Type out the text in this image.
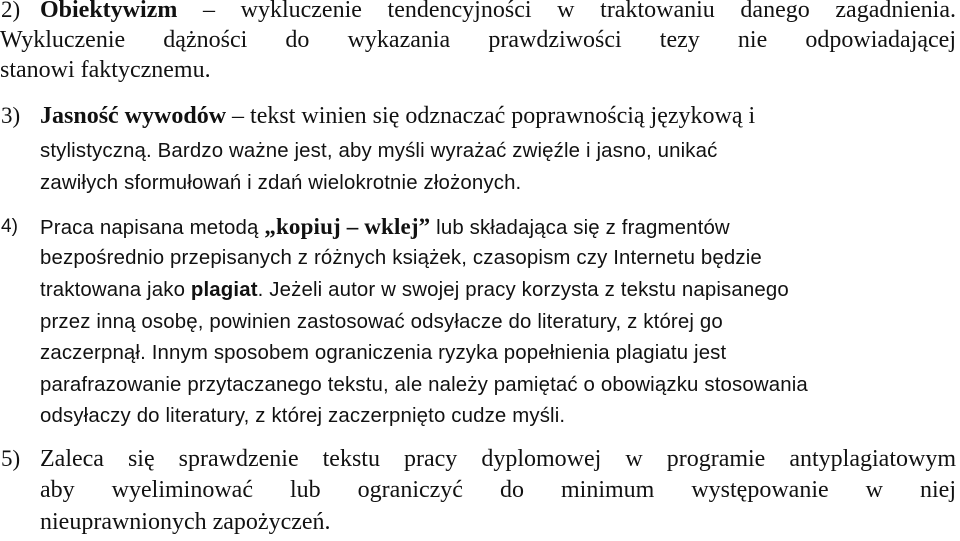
2) Obiektywizm – wykluczenie tendencyjności w traktowaniu danego zagadnienia.
Wykluczenie dążności do wykazania prawdziwości tezy nie odpowiadającej
stanowi faktycznemu.
3) Jasność wywodów – tekst winien się odznaczać poprawnością językową i
stylistyczną. Bardzo ważne jest, aby myśli wyrażać zwięźle i jasno, unikać
zawiłych sformułowań i zdań wielokrotnie złożonych.
4) Praca napisana metodą „kopiuj – wklej” lub składająca się z fragmentów
bezpośrednio przepisanych z różnych książek, czasopism czy Internetu będzie
traktowana jako plagiat. Jeżeli autor w swojej pracy korzysta z tekstu napisanego
przez inną osobę, powinien zastosować odsyłacze do literatury, z której go
zaczerpnął. Innym sposobem ograniczenia ryzyka popełnienia plagiatu jest
parafrazowanie przytaczanego tekstu, ale należy pamiętać o obowiązku stosowania
odsyłaczy do literatury, z której zaczerpnięto cudze myśli.
5) Zaleca się sprawdzenie tekstu pracy dyplomowej w programie antyplagiatowym
aby wyeliminować lub ograniczyć do minimum występowanie w niej
nieuprawnionych zapożyczeń.
